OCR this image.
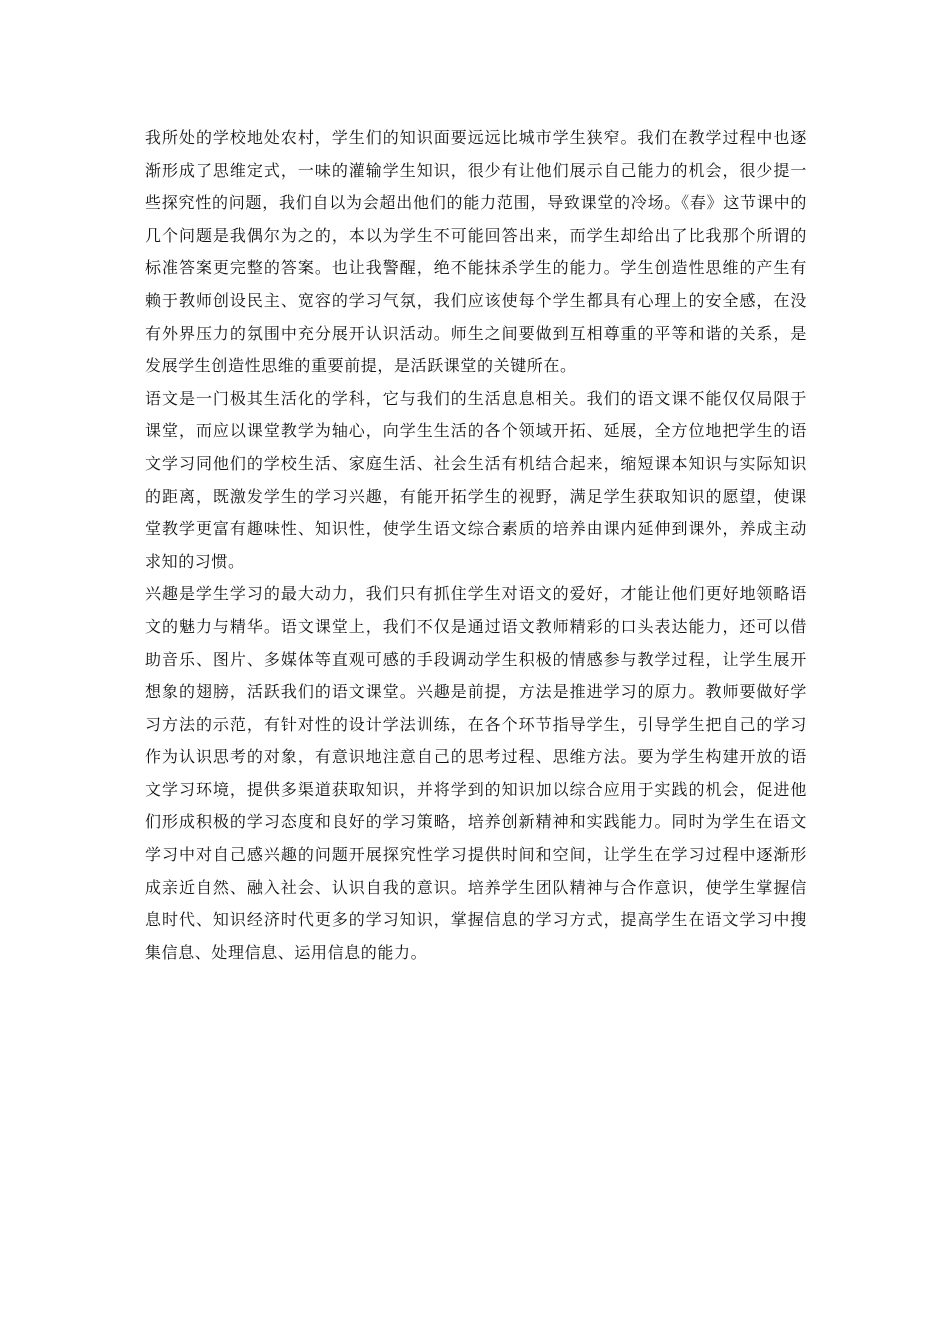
我所处的学校地处农村，学生们的知识面要远远比城市学生狭窄。我们在教学过程中也逐渐形成了思维定式，一味的灌输学生知识，很少有让他们展示自己能力的机会，很少提一些探究性的问题，我们自以为会超出他们的能力范围，导致课堂的冷场。《春》这节课中的几个问题是我偶尔为之的，本以为学生不可能回答出来，而学生却给出了比我那个所谓的标准答案更完整的答案。也让我警醒，绝不能抹杀学生的能力。学生创造性思维的产生有赖于教师创设民主、宽容的学习气氛，我们应该使每个学生都具有心理上的安全感，在没有外界压力的氛围中充分展开认识活动。师生之间要做到互相尊重的平等和谐的关系，是发展学生创造性思维的重要前提，是活跃课堂的关键所在。

语文是一门极其生活化的学科，它与我们的生活息息相关。我们的语文课不能仅仅局限于课堂，而应以课堂教学为轴心，向学生生活的各个领域开拓、延展，全方位地把学生的语文学习同他们的学校生活、家庭生活、社会生活有机结合起来，缩短课本知识与实际知识的距离，既激发学生的学习兴趣，有能开拓学生的视野，满足学生获取知识的愿望，使课堂教学更富有趣味性、知识性，使学生语文综合素质的培养由课内延伸到课外，养成主动求知的习惯。

兴趣是学生学习的最大动力，我们只有抓住学生对语文的爱好，才能让他们更好地领略语文的魅力与精华。语文课堂上，我们不仅是通过语文教师精彩的口头表达能力，还可以借助音乐、图片、多媒体等直观可感的手段调动学生积极的情感参与教学过程，让学生展开想象的翅膀，活跃我们的语文课堂。兴趣是前提，方法是推进学习的原力。教师要做好学习方法的示范，有针对性的设计学法训练，在各个环节指导学生，引导学生把自己的学习作为认识思考的对象，有意识地注意自己的思考过程、思维方法。要为学生构建开放的语文学习环境，提供多渠道获取知识，并将学到的知识加以综合应用于实践的机会，促进他们形成积极的学习态度和良好的学习策略，培养创新精神和实践能力。同时为学生在语文学习中对自己感兴趣的问题开展探究性学习提供时间和空间，让学生在学习过程中逐渐形成亲近自然、融入社会、认识自我的意识。培养学生团队精神与合作意识，使学生掌握信息时代、知识经济时代更多的学习知识，掌握信息的学习方式，提高学生在语文学习中搜集信息、处理信息、运用信息的能力。
